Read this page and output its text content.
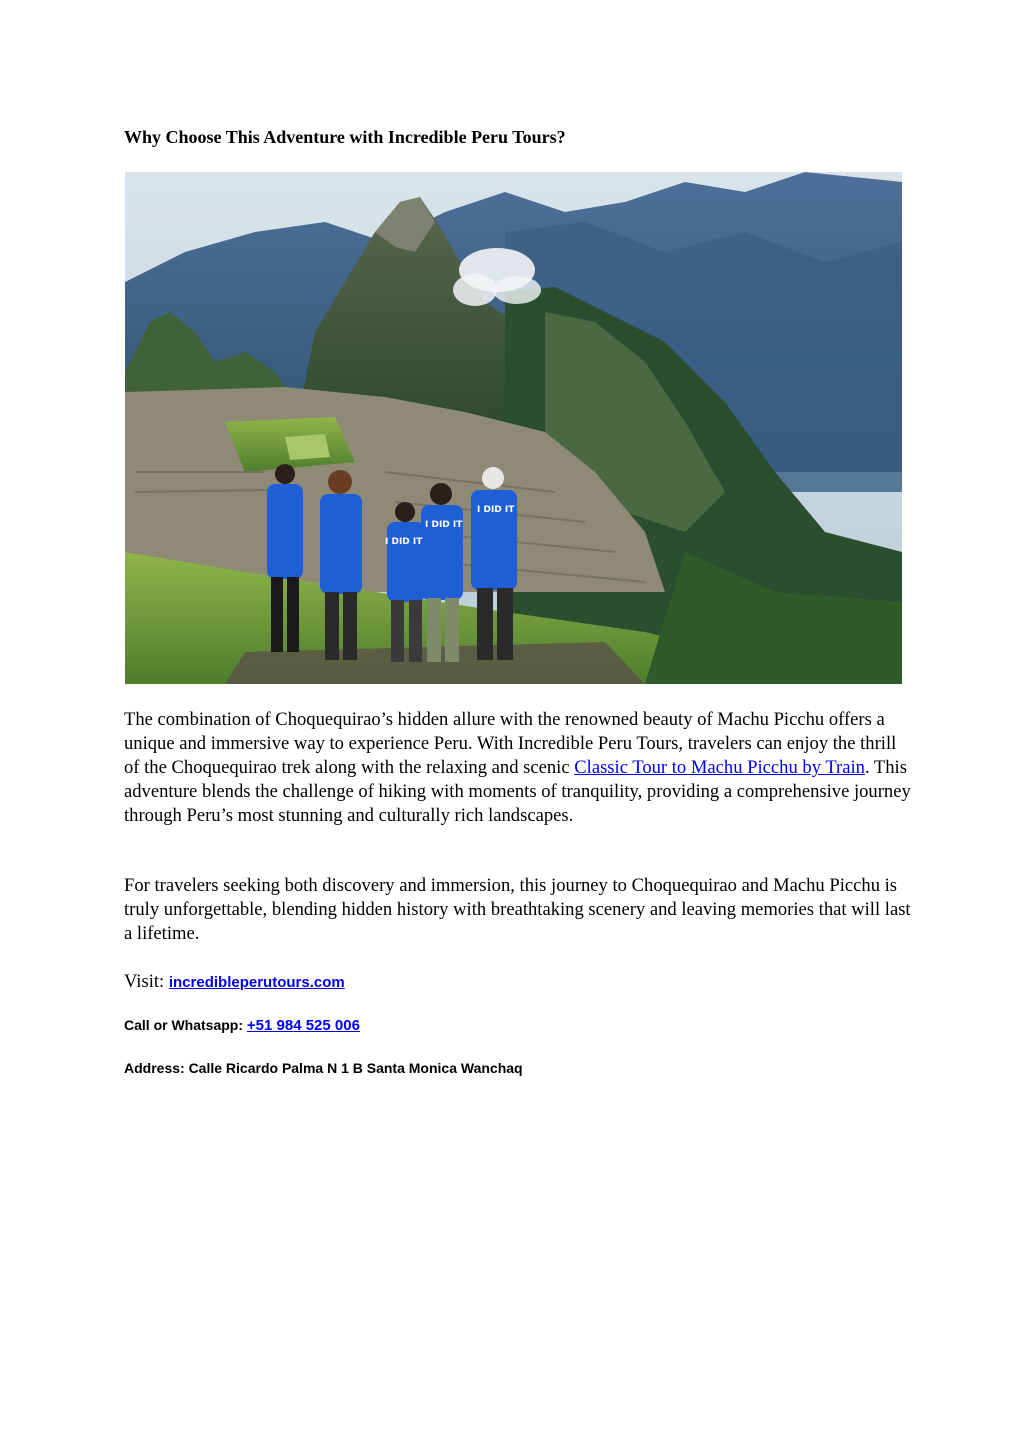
Why Choose This Adventure with Incredible Peru Tours?
I DID IT
I DID IT
I DID IT

The combination of Choquequirao’s hidden allure with the renowned beauty of Machu Picchu offers a unique and immersive way to experience Peru. With Incredible Peru Tours, travelers can enjoy the thrill of the Choquequirao trek along with the relaxing and scenic Classic Tour to Machu Picchu by Train. This adventure blends the challenge of hiking with moments of tranquility, providing a comprehensive journey through Peru’s most stunning and culturally rich landscapes.

For travelers seeking both discovery and immersion, this journey to Choquequirao and Machu Picchu is truly unforgettable, blending hidden history with breathtaking scenery and leaving memories that will last a lifetime.

Visit: incredibleperutours.com

Call or Whatsapp: +51 984 525 006

Address: Calle Ricardo Palma N 1 B Santa Monica Wanchaq
